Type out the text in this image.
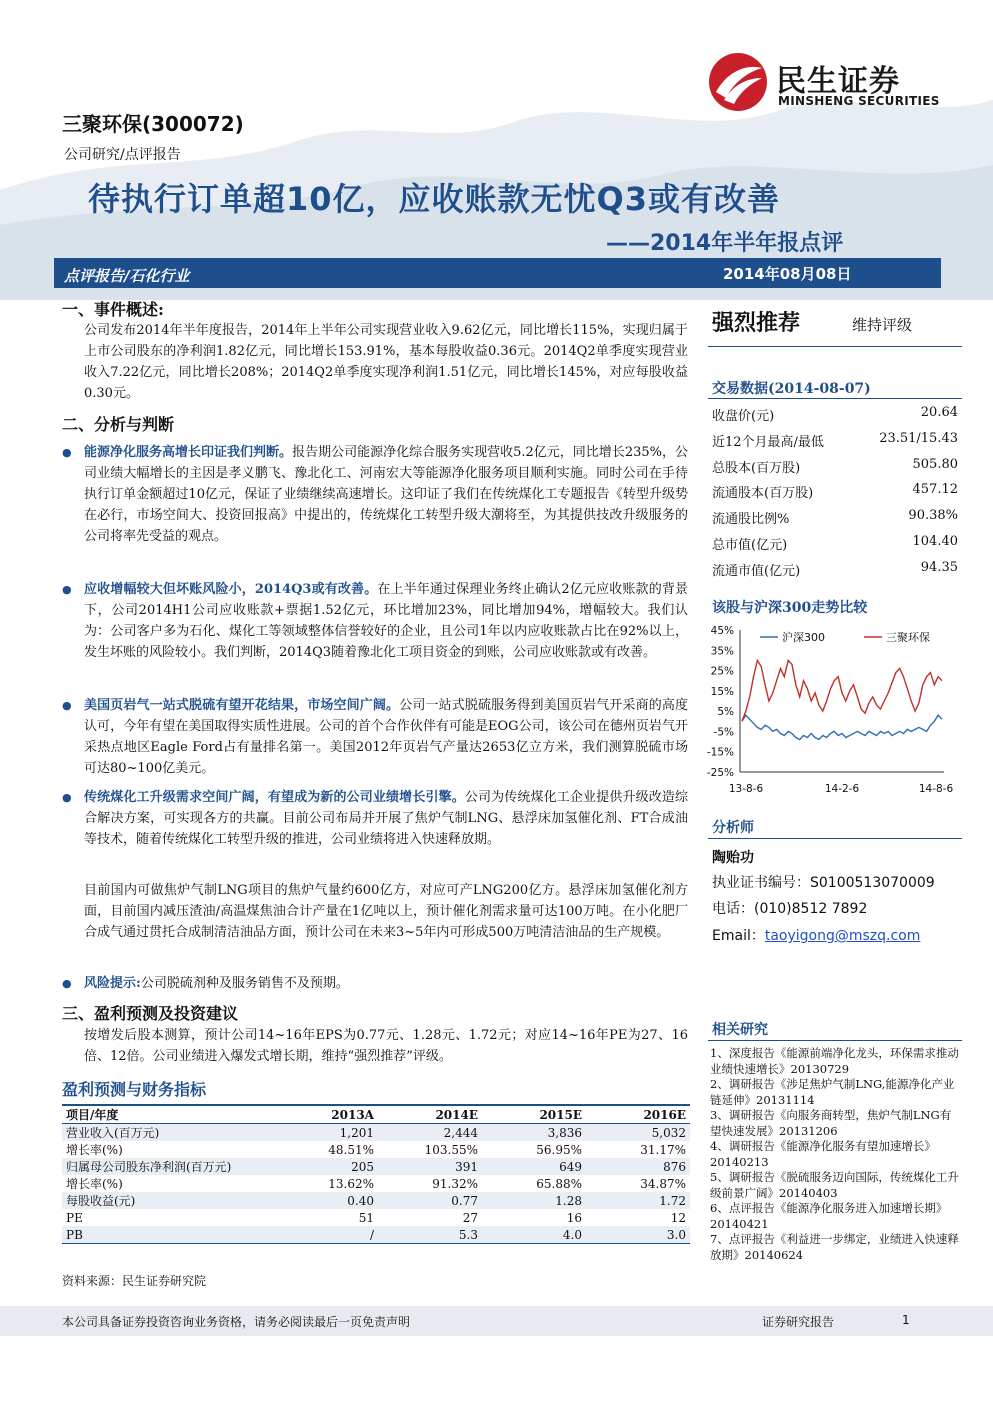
民生证券
MINSHENG SECURITIES
三聚环保(300072)
公司研究/点评报告
待执行订单超10亿，应收账款无忧Q3或有改善
——2014年半年报点评
点评报告/石化行业	2014年08月08日
一、事件概述:
公司发布2014年半年度报告，2014年上半年公司实现营业收入9.62亿元，同比增长115%，实现归属于上市公司股东的净利润1.82亿元，同比增长153.91%，基本每股收益0.36元。2014Q2单季度实现营业收入7.22亿元，同比增长208%；2014Q2单季度实现净利润1.51亿元，同比增长145%，对应每股收益0.30元。
二、分析与判断
● 能源净化服务高增长印证我们判断。报告期公司能源净化综合服务实现营收5.2亿元，同比增长235%，公司业绩大幅增长的主因是孝义鹏飞、豫北化工、河南宏大等能源净化服务项目顺利实施。同时公司在手待执行订单金额超过10亿元，保证了业绩继续高速增长。这印证了我们在传统煤化工专题报告《转型升级势在必行，市场空间大、投资回报高》中提出的，传统煤化工转型升级大潮将至，为其提供技改升级服务的公司将率先受益的观点。
● 应收增幅较大但坏账风险小，2014Q3或有改善。在上半年通过保理业务终止确认2亿元应收账款的背景下，公司2014H1公司应收账款+票据1.52亿元，环比增加23%，同比增加94%，增幅较大。我们认为：公司客户多为石化、煤化工等领域整体信誉较好的企业，且公司1年以内应收账款占比在92%以上，发生坏账的风险较小。我们判断，2014Q3随着豫北化工项目资金的到账，公司应收账款或有改善。
● 美国页岩气一站式脱硫有望开花结果，市场空间广阔。公司一站式脱硫服务得到美国页岩气开采商的高度认可，今年有望在美国取得实质性进展。公司的首个合作伙伴有可能是EOG公司，该公司在德州页岩气开采热点地区Eagle Ford占有量排名第一。美国2012年页岩气产量达2653亿立方米，我们测算脱硫市场可达80~100亿美元。
● 传统煤化工升级需求空间广阔，有望成为新的公司业绩增长引擎。公司为传统煤化工企业提供升级改造综合解决方案，可实现各方的共赢。目前公司布局并开展了焦炉气制LNG、悬浮床加氢催化剂、FT合成油等技术，随着传统煤化工转型升级的推进，公司业绩将进入快速释放期。
目前国内可做焦炉气制LNG项目的焦炉气量约600亿方，对应可产LNG200亿方。悬浮床加氢催化剂方面，目前国内减压渣油/高温煤焦油合计产量在1亿吨以上，预计催化剂需求量可达100万吨。在小化肥厂合成气通过贯托合成制清洁油品方面，预计公司在未来3~5年内可形成500万吨清洁油品的生产规模。
● 风险提示:公司脱硫剂种及服务销售不及预期。
三、盈利预测及投资建议
按增发后股本测算，预计公司14~16年EPS为0.77元、1.28元、1.72元；对应14~16年PE为27、16倍、12倍。公司业绩进入爆发式增长期，维持“强烈推荐”评级。
盈利预测与财务指标
项目/年度	2013A	2014E	2015E	2016E
营业收入(百万元)	1,201	2,444	3,836	5,032
增长率(%)	48.51%	103.55%	56.95%	31.17%
归属母公司股东净利润(百万元)	205	391	649	876
增长率(%)	13.62%	91.32%	65.88%	34.87%
每股收益(元)	0.40	0.77	1.28	1.72
PE	51	27	16	12
PB	/	5.3	4.0	3.0
资料来源：民生证券研究院
强烈推荐	维持评级
交易数据(2014-08-07)
收盘价(元)	20.64
近12个月最高/最低	23.51/15.43
总股本(百万股)	505.80
流通股本(百万股)	457.12
流通股比例%	90.38%
总市值(亿元)	104.40
流通市值(亿元)	94.35
该股与沪深300走势比较
45%
35%
25%
15%
5%
-5%
-15%
-25%
13-8-6	14-2-6	14-8-6
沪深300	三聚环保
分析师
陶贻功
执业证书编号：S0100513070009
电话：(010)8512 7892
Email：taoyigong@mszq.com
相关研究
1、深度报告《能源前端净化龙头，环保需求推动业绩快速增长》20130729
2、调研报告《涉足焦炉气制LNG,能源净化产业链延伸》20131114
3、调研报告《向服务商转型，焦炉气制LNG有望快速发展》20131206
4、调研报告《能源净化服务有望加速增长》20140213
5、调研报告《脱硫服务迈向国际，传统煤化工升级前景广阔》20140403
6、点评报告《能源净化服务进入加速增长期》20140421
7、点评报告《利益进一步绑定，业绩进入快速释放期》20140624
本公司具备证券投资咨询业务资格，请务必阅读最后一页免责声明	证券研究报告	1
